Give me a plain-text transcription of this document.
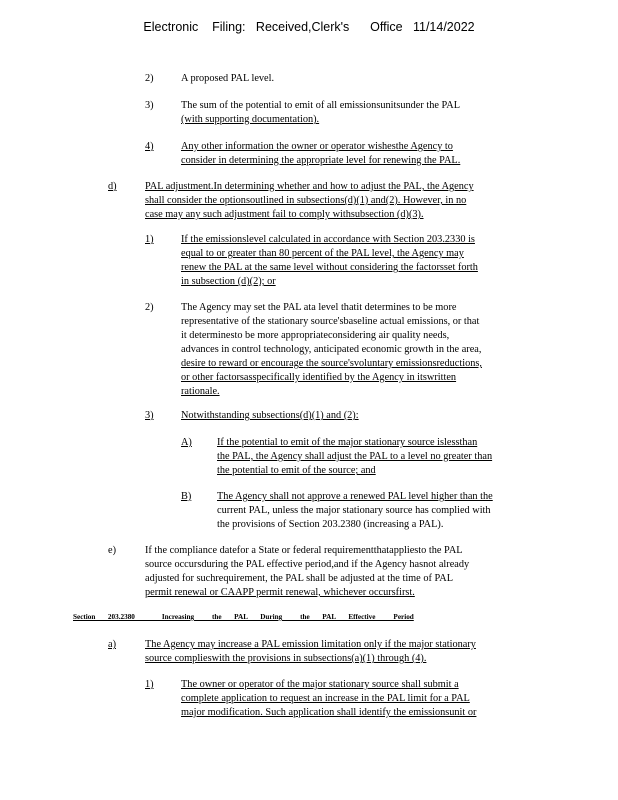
Electronic    Filing:   Received,Clerk's      Office   11/14/2022
2)	A proposed PAL level.
3)	The sum of the potential to emit of all emissionsunitsunder the PAL
(with supporting documentation).
4)	Any other information the owner or operator wishesthe Agency to
consider in determining the appropriate level for renewing the PAL.
d)	PAL adjustment.In determining whether and how to adjust the PAL, the Agency
shall consider the optionsoutlined in subsections(d)(1) and(2). However, in no
case may any such adjustment fail to comply withsubsection (d)(3).
1)	If the emissionslevel calculated in accordance with Section 203.2330 is
equal to or greater than 80 percent of the PAL level, the Agency may
renew the PAL at the same level without considering the factorsset forth
in subsection (d)(2); or
2)	The Agency may set the PAL ata level thatit determines to be more
representative of the stationary source'sbaseline actual emissions, or that
it determinesto be more appropriateconsidering air quality needs,
advances in control technology, anticipated economic growth in the area,
desire to reward or encourage the source'svoluntary emissionsreductions,
or other factorsasspecifically identified by the Agency in itswritten
rationale.
3)	Notwithstanding subsections(d)(1) and (2):
A) If the potential to emit of the major stationary source islessthan
the PAL, the Agency shall adjust the PAL to a level no greater than
the potential to emit of the source; and
B) The Agency shall not approve a renewed PAL level higher than the
current PAL, unless the major stationary source has complied with
the provisions of Section 203.2380 (increasing a PAL).
e)	If the compliance datefor a State or federal requirementthatappliesto the PAL
source occursduring the PAL effective period,and if the Agency hasnot already
adjusted for suchrequirement, the PAL shall be adjusted at the time of PAL
permit renewal or CAAPP permit renewal, whichever occursfirst.
Section       203.2380               Increasing          the       PAL       During          the       PAL       Effective          Period
a)	The Agency may increase a PAL emission limitation only if the major stationary
source complieswith the provisions in subsections(a)(1) through (4).
1)	The owner or operator of the major stationary source shall submit a
complete application to request an increase in the PAL limit for a PAL
major modification. Such application shall identify the emissionsunit or
